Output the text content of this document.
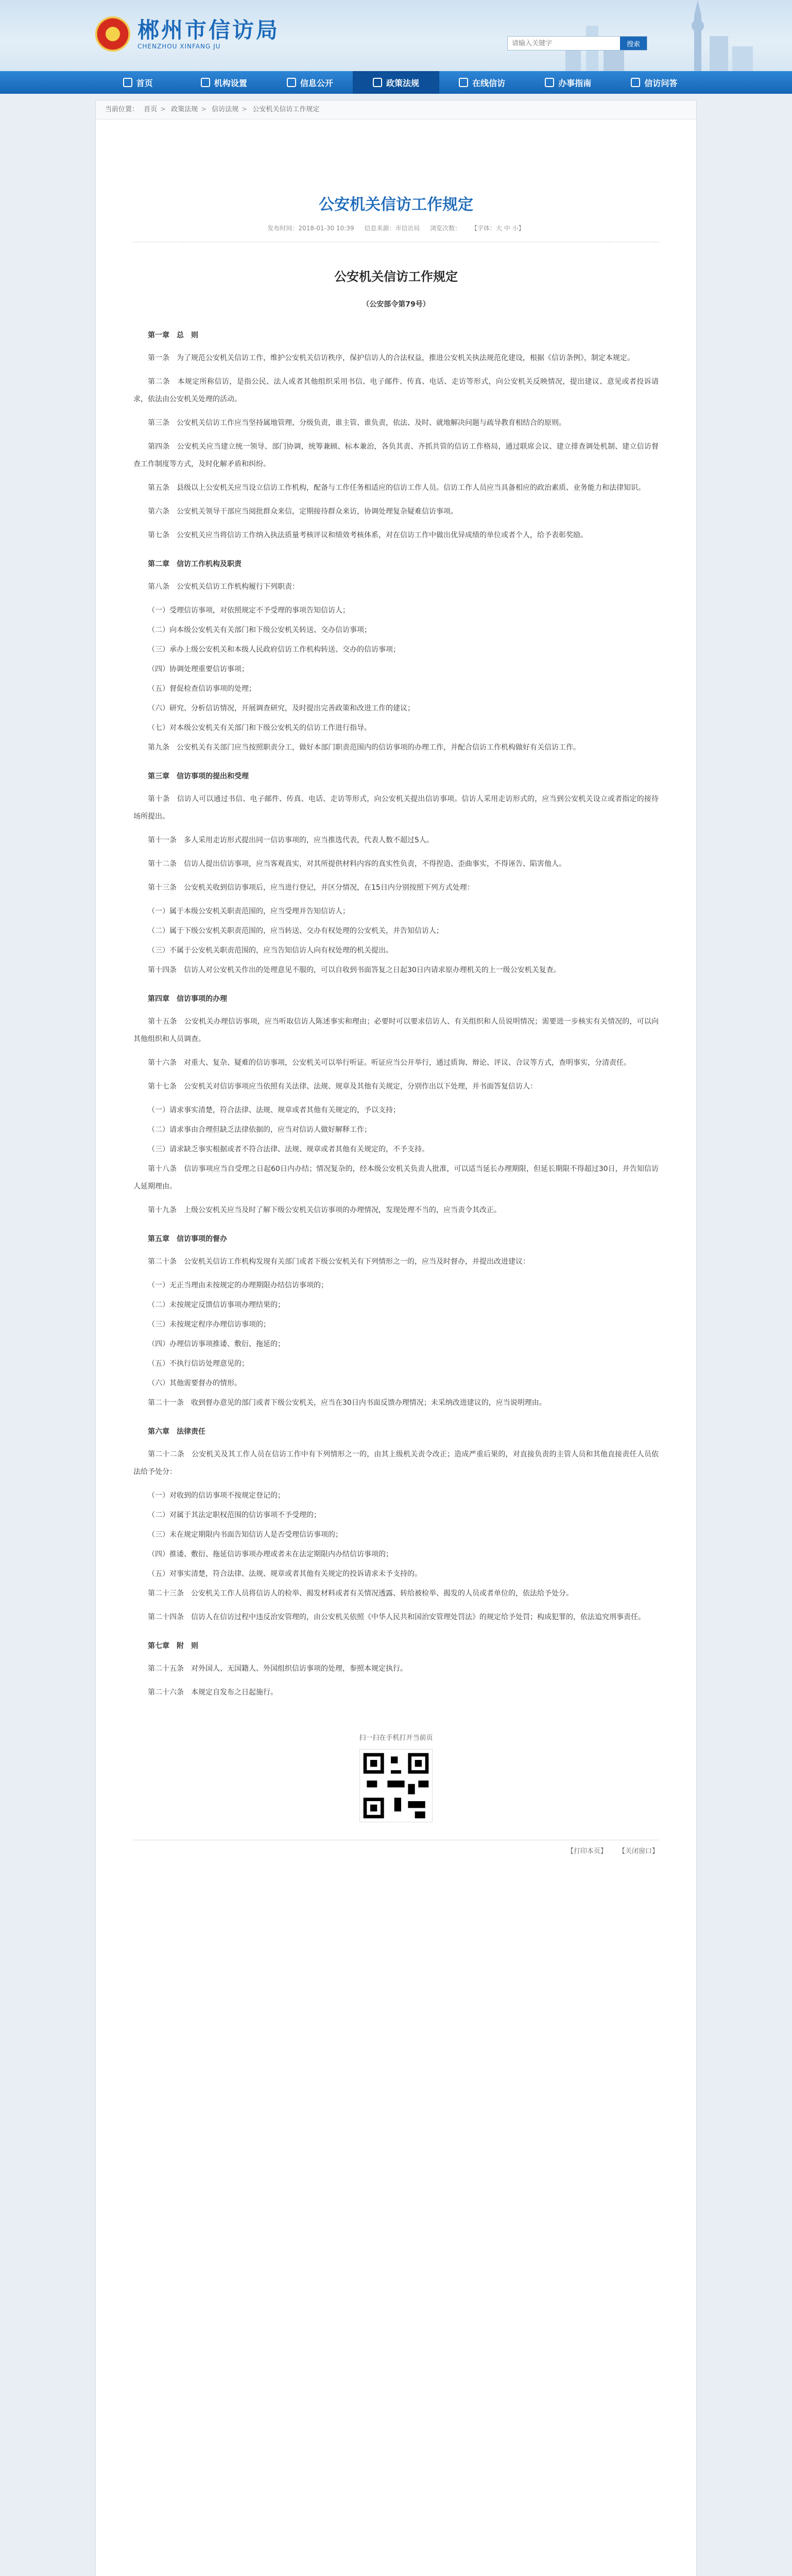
郴州市信访局
CHENZHOU XINFANG JU
请输入关键字	搜索
首页	机构设置	信息公开	政策法规	在线信访	办事指南	信访问答
当前位置： 首页 > 政策法规 > 信访法规 > 公安机关信访工作规定
公安机关信访工作规定
发布时间：2018-01-30 10:39 信息来源：市信访局 浏览次数： 【字体：大 中 小】
公安机关信访工作规定
（公安部令第79号）
第一章　总　则

第一条　为了规范公安机关信访工作，维护公安机关信访秩序，保护信访人的合法权益，推进公安机关执法规范化建设，根据《信访条例》，制定本规定。

第二条　本规定所称信访，是指公民、法人或者其他组织采用书信、电子邮件、传真、电话、走访等形式，向公安机关反映情况，提出建议、意见或者投诉请求，依法由公安机关处理的活动。

第三条　公安机关信访工作应当坚持属地管理、分级负责，谁主管、谁负责，依法、及时、就地解决问题与疏导教育相结合的原则。

第四条　公安机关应当建立统一领导、部门协调，统筹兼顾、标本兼治，各负其责、齐抓共管的信访工作格局，通过联席会议、建立排查调处机制、建立信访督查工作制度等方式，及时化解矛盾和纠纷。

第五条　县级以上公安机关应当设立信访工作机构，配备与工作任务相适应的信访工作人员。信访工作人员应当具备相应的政治素质、业务能力和法律知识。

第六条　公安机关领导干部应当阅批群众来信，定期接待群众来访，协调处理复杂疑难信访事项。

第七条　公安机关应当将信访工作纳入执法质量考核评议和绩效考核体系，对在信访工作中做出优异成绩的单位或者个人，给予表彰奖励。

第二章　信访工作机构及职责

第八条　公安机关信访工作机构履行下列职责：

（一）受理信访事项，对依照规定不予受理的事项告知信访人；

（二）向本级公安机关有关部门和下级公安机关转送、交办信访事项；

（三）承办上级公安机关和本级人民政府信访工作机构转送、交办的信访事项；

（四）协调处理重要信访事项；

（五）督促检查信访事项的处理；

（六）研究、分析信访情况，开展调查研究，及时提出完善政策和改进工作的建议；

（七）对本级公安机关有关部门和下级公安机关的信访工作进行指导。

第九条　公安机关有关部门应当按照职责分工，做好本部门职责范围内的信访事项的办理工作，并配合信访工作机构做好有关信访工作。

第三章　信访事项的提出和受理

第十条　信访人可以通过书信、电子邮件、传真、电话、走访等形式，向公安机关提出信访事项。信访人采用走访形式的，应当到公安机关设立或者指定的接待场所提出。

第十一条　多人采用走访形式提出同一信访事项的，应当推选代表，代表人数不超过5人。

第十二条　信访人提出信访事项，应当客观真实，对其所提供材料内容的真实性负责，不得捏造、歪曲事实，不得诬告、陷害他人。

第十三条　公安机关收到信访事项后，应当进行登记，并区分情况，在15日内分别按照下列方式处理：

（一）属于本级公安机关职责范围的，应当受理并告知信访人；

（二）属于下级公安机关职责范围的，应当转送、交办有权处理的公安机关，并告知信访人；

（三）不属于公安机关职责范围的，应当告知信访人向有权处理的机关提出。

第十四条　信访人对公安机关作出的处理意见不服的，可以自收到书面答复之日起30日内请求原办理机关的上一级公安机关复查。

第四章　信访事项的办理

第十五条　公安机关办理信访事项，应当听取信访人陈述事实和理由；必要时可以要求信访人、有关组织和人员说明情况；需要进一步核实有关情况的，可以向其他组织和人员调查。

第十六条　对重大、复杂、疑难的信访事项，公安机关可以举行听证。听证应当公开举行，通过质询、辩论、评议、合议等方式，查明事实，分清责任。

第十七条　公安机关对信访事项应当依照有关法律、法规、规章及其他有关规定，分别作出以下处理，并书面答复信访人：

（一）请求事实清楚，符合法律、法规、规章或者其他有关规定的，予以支持；

（二）请求事由合理但缺乏法律依据的，应当对信访人做好解释工作；

（三）请求缺乏事实根据或者不符合法律、法规、规章或者其他有关规定的，不予支持。

第十八条　信访事项应当自受理之日起60日内办结；情况复杂的，经本级公安机关负责人批准，可以适当延长办理期限，但延长期限不得超过30日，并告知信访人延期理由。

第十九条　上级公安机关应当及时了解下级公安机关信访事项的办理情况，发现处理不当的，应当责令其改正。

第五章　信访事项的督办

第二十条　公安机关信访工作机构发现有关部门或者下级公安机关有下列情形之一的，应当及时督办，并提出改进建议：

（一）无正当理由未按规定的办理期限办结信访事项的；

（二）未按规定反馈信访事项办理结果的；

（三）未按规定程序办理信访事项的；

（四）办理信访事项推诿、敷衍、拖延的；

（五）不执行信访处理意见的；

（六）其他需要督办的情形。

第二十一条　收到督办意见的部门或者下级公安机关，应当在30日内书面反馈办理情况；未采纳改进建议的，应当说明理由。

第六章　法律责任

第二十二条　公安机关及其工作人员在信访工作中有下列情形之一的，由其上级机关责令改正；造成严重后果的，对直接负责的主管人员和其他直接责任人员依法给予处分：

（一）对收到的信访事项不按规定登记的；

（二）对属于其法定职权范围的信访事项不予受理的；

（三）未在规定期限内书面告知信访人是否受理信访事项的；

（四）推诿、敷衍、拖延信访事项办理或者未在法定期限内办结信访事项的；

（五）对事实清楚，符合法律、法规、规章或者其他有关规定的投诉请求未予支持的。

第二十三条　公安机关工作人员将信访人的检举、揭发材料或者有关情况透露、转给被检举、揭发的人员或者单位的，依法给予处分。

第二十四条　信访人在信访过程中违反治安管理的，由公安机关依照《中华人民共和国治安管理处罚法》的规定给予处罚；构成犯罪的，依法追究刑事责任。

第七章　附　则

第二十五条　对外国人、无国籍人、外国组织信访事项的处理，参照本规定执行。

第二十六条　本规定自发布之日起施行。

扫一扫在手机打开当前页
【打印本页】 【关闭窗口】
